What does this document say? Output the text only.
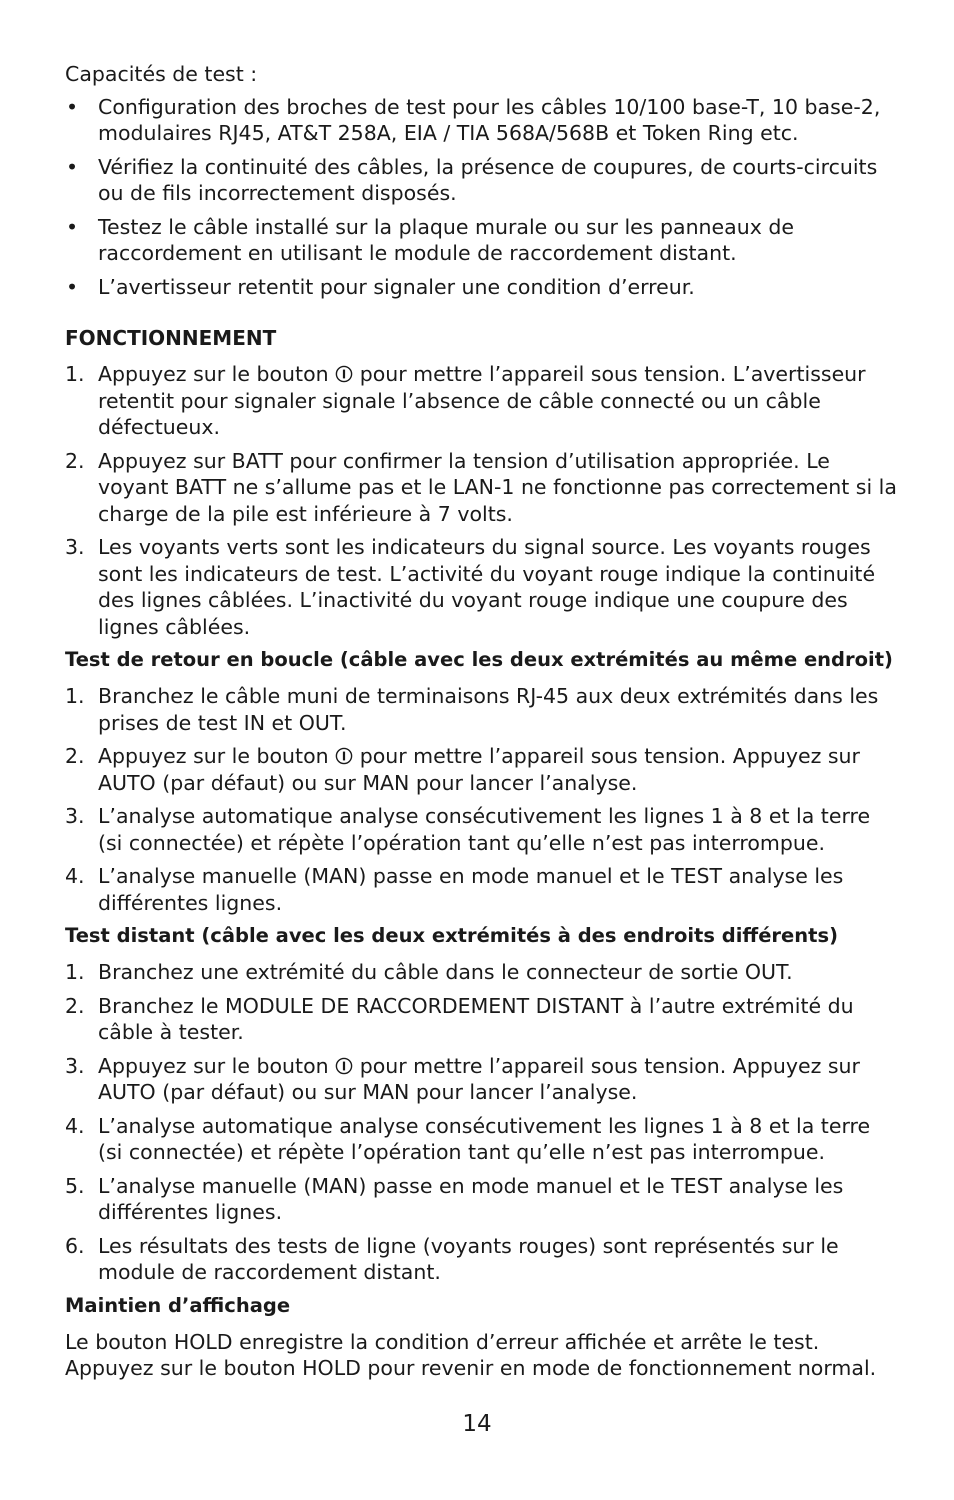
Capacités de test :

• Configuration des broches de test pour les câbles 10/100 base-T, 10 base-2, modulaires RJ45, AT&T 258A, EIA / TIA 568A/568B et Token Ring etc.
• Vérifiez la continuité des câbles, la présence de coupures, de courts-circuits ou de fils incorrectement disposés.
• Testez le câble installé sur la plaque murale ou sur les panneaux de raccordement en utilisant le module de raccordement distant.
• L’avertisseur retentit pour signaler une condition d’erreur.
FONCTIONNEMENT
1. Appuyez sur le bouton pour mettre l’appareil sous tension. L’avertisseur retentit pour signaler signale l’absence de câble connecté ou un câble défectueux.
2. Appuyez sur BATT pour confirmer la tension d’utilisation appropriée. Le voyant BATT ne s’allume pas et le LAN-1 ne fonctionne pas correctement si la charge de la pile est inférieure à 7 volts.
3. Les voyants verts sont les indicateurs du signal source. Les voyants rouges sont les indicateurs de test. L’activité du voyant rouge indique la continuité des lignes câblées. L’inactivité du voyant rouge indique une coupure des lignes câblées.
Test de retour en boucle (câble avec les deux extrémités au même endroit)
1. Branchez le câble muni de terminaisons RJ-45 aux deux extrémités dans les prises de test IN et OUT.
2. Appuyez sur le bouton pour mettre l’appareil sous tension. Appuyez sur AUTO (par défaut) ou sur MAN pour lancer l’analyse.
3. L’analyse automatique analyse consécutivement les lignes 1 à 8 et la terre (si connectée) et répète l’opération tant qu’elle n’est pas interrompue.
4. L’analyse manuelle (MAN) passe en mode manuel et le TEST analyse les différentes lignes.
Test distant (câble avec les deux extrémités à des endroits différents)
1. Branchez une extrémité du câble dans le connecteur de sortie OUT.
2. Branchez le MODULE DE RACCORDEMENT DISTANT à l’autre extrémité du câble à tester.
3. Appuyez sur le bouton pour mettre l’appareil sous tension. Appuyez sur AUTO (par défaut) ou sur MAN pour lancer l’analyse.
4. L’analyse automatique analyse consécutivement les lignes 1 à 8 et la terre (si connectée) et répète l’opération tant qu’elle n’est pas interrompue.
5. L’analyse manuelle (MAN) passe en mode manuel et le TEST analyse les différentes lignes.
6. Les résultats des tests de ligne (voyants rouges) sont représentés sur le module de raccordement distant.
Maintien d’affichage

Le bouton HOLD enregistre la condition d’erreur affichée et arrête le test. Appuyez sur le bouton HOLD pour revenir en mode de fonctionnement normal.

14
